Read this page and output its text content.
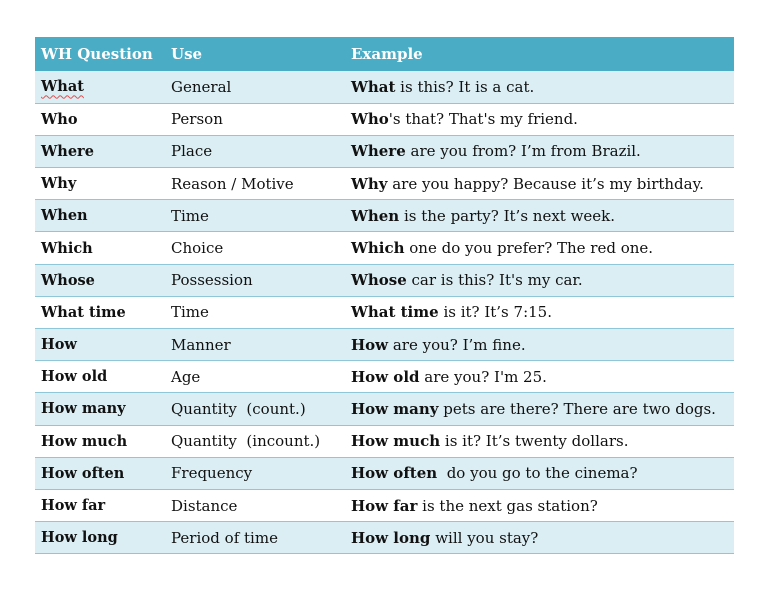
WH Question	Use	Example
What	General	What is this? It is a cat.
Who	Person	Who's that? That's my friend.
Where	Place	Where are you from? I’m from Brazil.
Why	Reason / Motive	Why are you happy? Because it’s my birthday.
When	Time	When is the party? It’s next week.
Which	Choice	Which one do you prefer? The red one.
Whose	Possession	Whose car is this? It's my car.
What time	Time	What time is it? It’s 7:15.
How	Manner	How are you? I’m fine.
How old	Age	How old are you? I'm 25.
How many	Quantity  (count.)	How many pets are there? There are two dogs.
How much	Quantity  (incount.)	How much is it? It’s twenty dollars.
How often	Frequency	How often  do you go to the cinema?
How far	Distance	How far is the next gas station?
How long	Period of time	How long will you stay?
